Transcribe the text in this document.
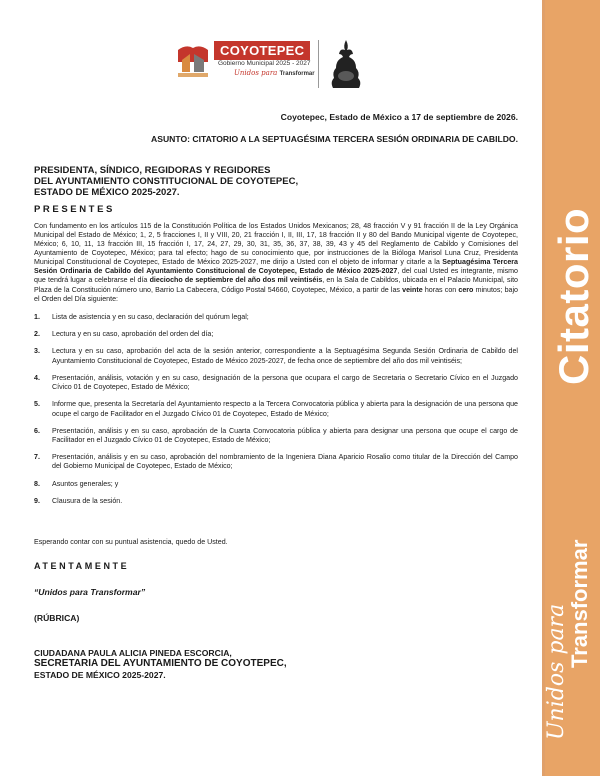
COYOTEPEC
Gobierno Municipal 2025 - 2027
Unidos para Transformar
Citatorio
Transformar
Unidos para
Coyotepec, Estado de México a 17 de septiembre de 2026.
ASUNTO: CITATORIO A LA SEPTUAGÉSIMA TERCERA SESIÓN ORDINARIA DE CABILDO.
PRESIDENTA, SÍNDICO, REGIDORAS Y REGIDORES
DEL AYUNTAMIENTO CONSTITUCIONAL DE COYOTEPEC,
ESTADO DE MÉXICO 2025-2027.
PRESENTES
Con fundamento en los artículos 115 de la Constitución Política de los Estados Unidos Mexicanos; 28, 48 fracción V y 91 fracción II de la Ley Orgánica Municipal del Estado de México; 1, 2, 5 fracciones I, II y VIII, 20, 21 fracción I, II, III, 17, 18 fracción II y 80 del Bando Municipal vigente de Coyotepec, México; 6, 10, 11, 13 fracción III, 15 fracción I, 17, 24, 27, 29, 30, 31, 35, 36, 37, 38, 39, 43 y 45 del Reglamento de Cabildo y Comisiones del Ayuntamiento de Coyotepec, México; para tal efecto; hago de su conocimiento que, por instrucciones de la Bióloga Marisol Luna Cruz, Presidenta Municipal Constitucional de Coyotepec, Estado de México 2025-2027, me dirijo a Usted con el objeto de informar y citarle a la Septuagésima Tercera Sesión Ordinaria de Cabildo del Ayuntamiento Constitucional de Coyotepec, Estado de México 2025-2027, del cual Usted es integrante, mismo que tendrá lugar a celebrarse el día dieciocho de septiembre del año dos mil veintiséis, en la Sala de Cabildos, ubicada en el Palacio Municipal, sito Plaza de la Constitución número uno, Barrio La Cabecera, Código Postal 54660, Coyotepec, México, a partir de las veinte horas con cero minutos; bajo el Orden del Día siguiente:
1. Lista de asistencia y en su caso, declaración del quórum legal;
2. Lectura y en su caso, aprobación del orden del día;
3. Lectura y en su caso, aprobación del acta de la sesión anterior, correspondiente a la Septuagésima Segunda Sesión Ordinaria de Cabildo del Ayuntamiento Constitucional de Coyotepec, Estado de México 2025-2027, de fecha once de septiembre del año dos mil veintiséis;
4. Presentación, análisis, votación y en su caso, designación de la persona que ocupara el cargo de Secretaria o Secretario Cívico en el Juzgado Cívico 01 de Coyotepec, Estado de México;
5. Informe que, presenta la Secretaría del Ayuntamiento respecto a la Tercera Convocatoria pública y abierta para la designación de una persona que ocupe el cargo de Facilitador en el Juzgado Cívico 01 de Coyotepec, Estado de México;
6. Presentación, análisis y en su caso, aprobación de la Cuarta Convocatoria pública y abierta para designar una persona que ocupe el cargo de Facilitador en el Juzgado Cívico 01 de Coyotepec, Estado de México;
7. Presentación, análisis y en su caso, aprobación del nombramiento de la Ingeniera Diana Aparicio Rosalio como titular de la Dirección del Campo del Gobierno Municipal de Coyotepec, Estado de México;
8. Asuntos generales; y
9. Clausura de la sesión.
Esperando contar con su puntual asistencia, quedo de Usted.
ATENTAMENTE
“Unidos para Transformar”
(RÚBRICA)
CIUDADANA PAULA ALICIA PINEDA ESCORCIA,
SECRETARIA DEL AYUNTAMIENTO DE COYOTEPEC,
ESTADO DE MÉXICO 2025-2027.
